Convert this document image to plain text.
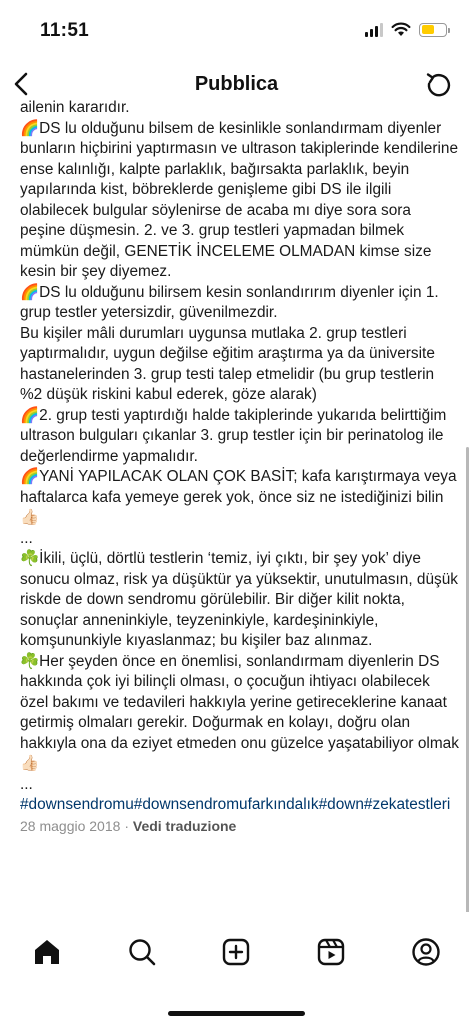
11:51
Pubblica

ailenin kararıdır.

🌈DS lu olduğunu bilsem de kesinlikle sonlandırmam diyenler bunların hiçbirini yaptırmasın ve ultrason takiplerinde kendilerine ense kalınlığı, kalpte parlaklık, bağırsakta parlaklık, beyin yapılarında kist, böbreklerde genişleme gibi DS ile ilgili olabilecek bulgular söylenirse de acaba mı diye sora sora peşine düşmesin. 2. ve 3. grup testleri yapmadan bilmek mümkün değil, GENETİK İNCELEME OLMADAN kimse size kesin bir şey diyemez.

🌈DS lu olduğunu bilirsem kesin sonlandırırım diyenler için 1. grup testler yetersizdir, güvenilmezdir.

Bu kişiler mâli durumları uygunsa mutlaka 2. grup testleri yaptırmalıdır, uygun değilse eğitim araştırma ya da üniversite hastanelerinden 3. grup testi talep etmelidir (bu grup testlerin %2 düşük riskini kabul ederek, göze alarak)

🌈2. grup testi yaptırdığı halde takiplerinde yukarıda belirttiğim ultrason bulguları çıkanlar 3. grup testler için bir perinatolog ile değerlendirme yapmalıdır.

🌈YANİ YAPILACAK OLAN ÇOK BASİT; kafa karıştırmaya veya haftalarca kafa yemeye gerek yok, önce siz ne istediğinizi bilin 👍🏻

...

☘️İkili, üçlü, dörtlü testlerin ‘temiz, iyi çıktı, bir şey yok’ diye sonucu olmaz, risk ya düşüktür ya yüksektir, unutulmasın, düşük riskde de down sendromu görülebilir. Bir diğer kilit nokta, sonuçlar anneninkiyle, teyzeninkiyle, kardeşininkiyle, komşununkiyle kıyaslanmaz; bu kişiler baz alınmaz.

☘️Her şeyden önce en önemlisi, sonlandırmam diyenlerin DS hakkında çok iyi bilinçli olması, o çocuğun ihtiyacı olabilecek özel bakımı ve tedavileri hakkıyla yerine getireceklerine kanaat getirmiş olmaları gerekir. Doğurmak en kolayı, doğru olan hakkıyla ona da eziyet etmeden onu güzelce yaşatabiliyor olmak 👍🏻

...

#downsendromu#downsendromufarkındalık#down#zekatestleri

28 maggio 2018 · Vedi traduzione
